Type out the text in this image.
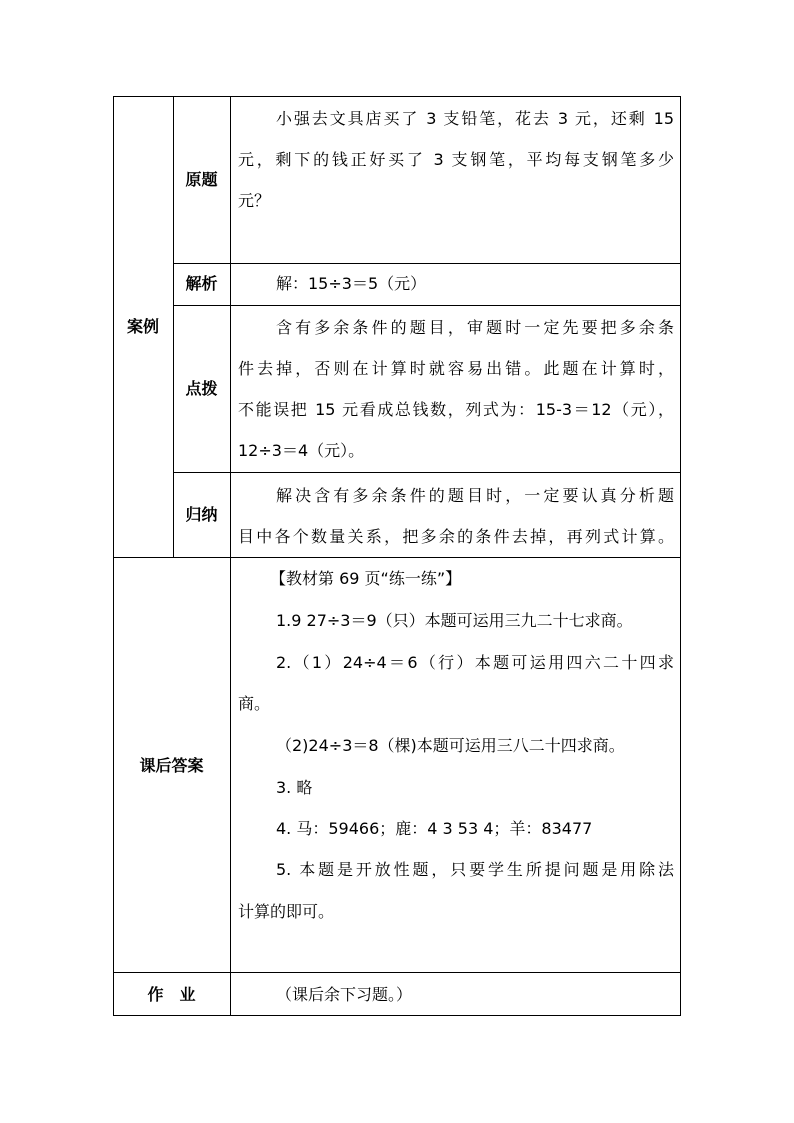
案例
原题
解析
点拨
归纳
课后答案
作　业
小强去文具店买了 3 支铅笔，花去 3 元，还剩 15
元，剩下的钱正好买了 3 支钢笔，平均每支钢笔多少
元？
解：15÷3＝5（元）
含有多余条件的题目，审题时一定先要把多余条
件去掉，否则在计算时就容易出错。此题在计算时，
不能误把 15 元看成总钱数，列式为：15-3＝12（元），
12÷3＝4（元）。
解决含有多余条件的题目时，一定要认真分析题
目中各个数量关系，把多余的条件去掉，再列式计算。
【教材第 69 页“练一练”】
1.9 27÷3＝9（只）本题可运用三九二十七求商。
2.（1）24÷4＝6（行）本题可运用四六二十四求
商。
（2)24÷3＝8（棵)本题可运用三八二十四求商。
3. 略
4. 马：59466；鹿：4 3 53 4；羊：83477
5. 本题是开放性题，只要学生所提问题是用除法
计算的即可。
（课后余下习题。）
